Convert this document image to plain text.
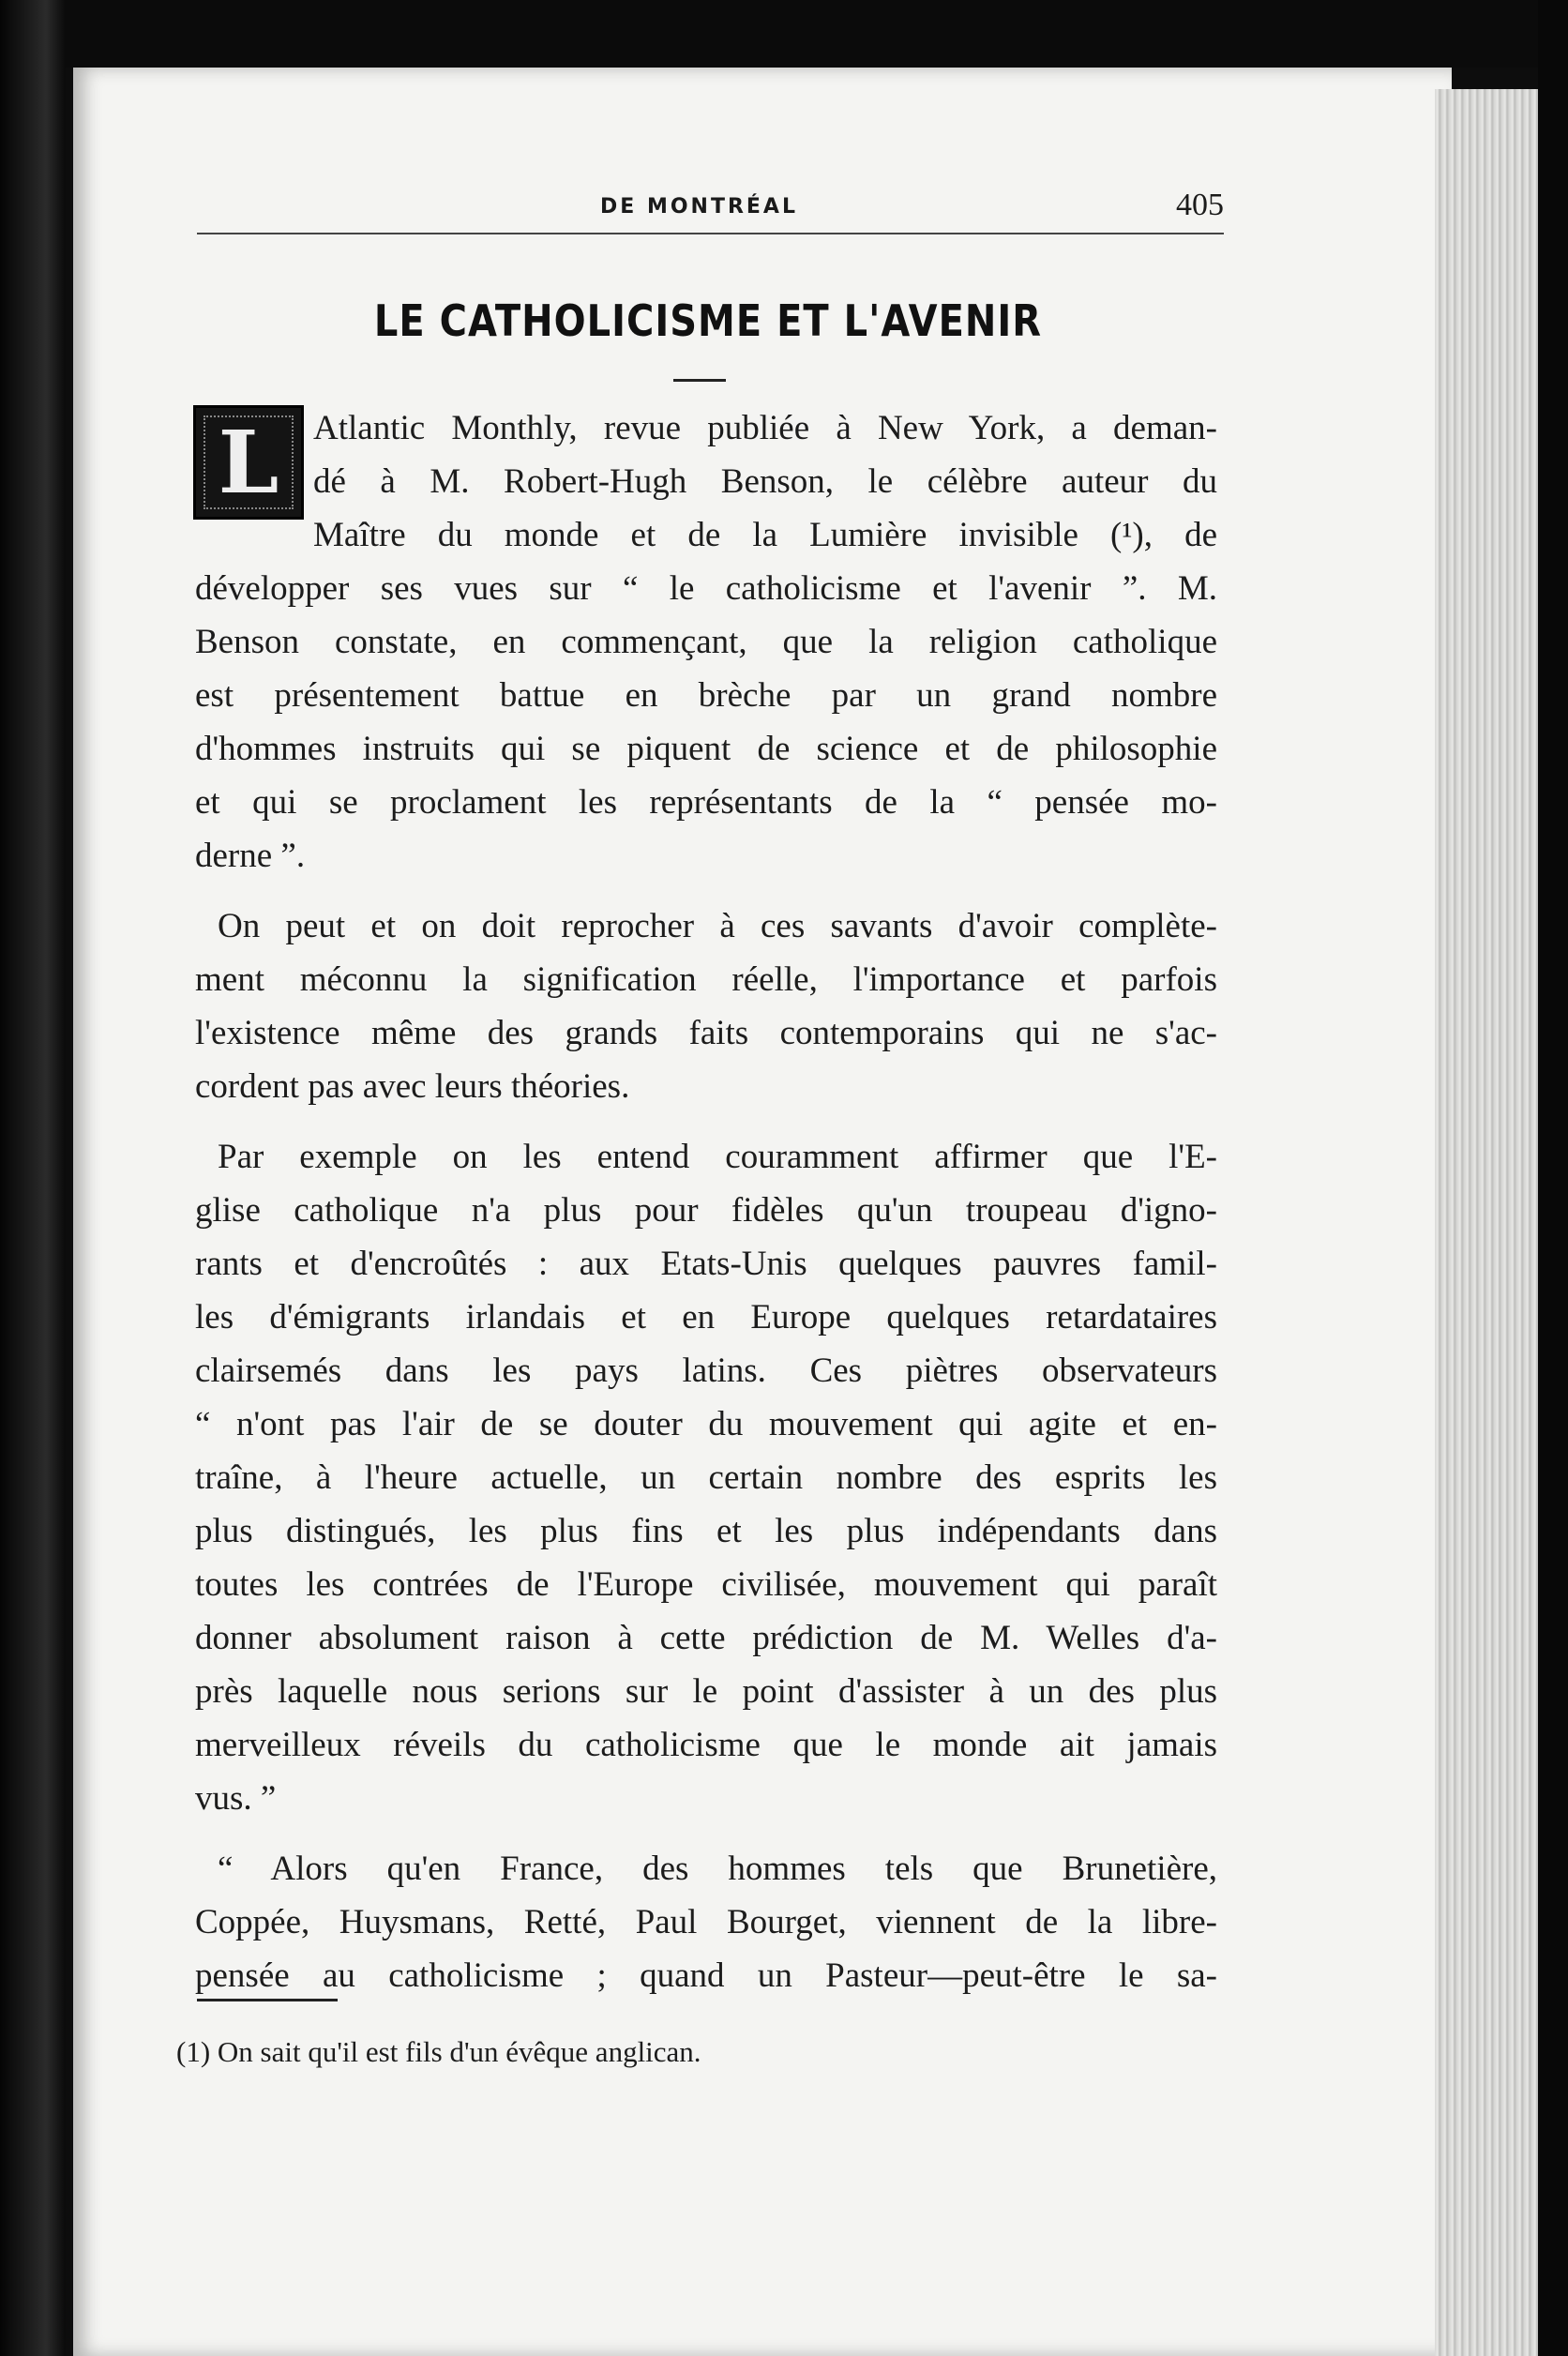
DE MONTRÉAL	405
LE CATHOLICISME ET L'AVENIR
L Atlantic Monthly, revue publiée à New York, a deman-
dé à M. Robert-Hugh Benson, le célèbre auteur du
Maître du monde et de la Lumière invisible (¹), de
développer ses vues sur “ le catholicisme et l'avenir ”. M.
Benson constate, en commençant, que la religion catholique
est présentement battue en brèche par un grand nombre
d'hommes instruits qui se piquent de science et de philosophie
et qui se proclament les représentants de la “ pensée mo-
derne ”.
On peut et on doit reprocher à ces savants d'avoir complète-
ment méconnu la signification réelle, l'importance et parfois
l'existence même des grands faits contemporains qui ne s'ac-
cordent pas avec leurs théories.
Par exemple on les entend couramment affirmer que l'E-
glise catholique n'a plus pour fidèles qu'un troupeau d'igno-
rants et d'encroûtés : aux Etats-Unis quelques pauvres famil-
les d'émigrants irlandais et en Europe quelques retardataires
clairsemés dans les pays latins. Ces piètres observateurs
“ n'ont pas l'air de se douter du mouvement qui agite et en-
traîne, à l'heure actuelle, un certain nombre des esprits les
plus distingués, les plus fins et les plus indépendants dans
toutes les contrées de l'Europe civilisée, mouvement qui paraît
donner absolument raison à cette prédiction de M. Welles d'a-
près laquelle nous serions sur le point d'assister à un des plus
merveilleux réveils du catholicisme que le monde ait jamais
vus. ”
“ Alors qu'en France, des hommes tels que Brunetière,
Coppée, Huysmans, Retté, Paul Bourget, viennent de la libre-
pensée au catholicisme ; quand un Pasteur—peut-être le sa-
(1) On sait qu'il est fils d'un évêque anglican.
